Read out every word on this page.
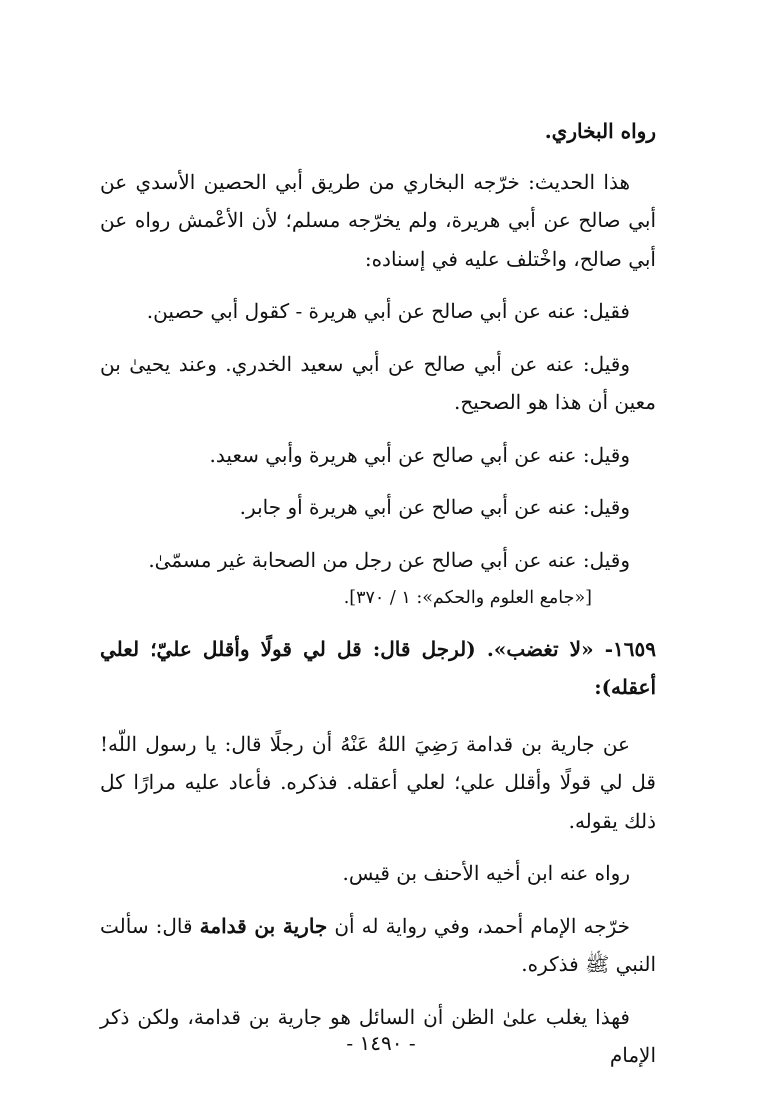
رواه البخاري.

هذا الحديث: خرّجه البخاري من طريق أبي الحصين الأسدي عن أبي صالح عن أبي هريرة، ولم يخرّجه مسلم؛ لأن الأعْمش رواه عن أبي صالح، واخْتلف عليه في إسناده:

فقيل: عنه عن أبي صالح عن أبي هريرة - كقول أبي حصين.

وقيل: عنه عن أبي صالح عن أبي سعيد الخدري. وعند يحيىٰ بن معين أن هذا هو الصحيح.

وقيل: عنه عن أبي صالح عن أبي هريرة وأبي سعيد.

وقيل: عنه عن أبي صالح عن أبي هريرة أو جابر.

وقيل: عنه عن أبي صالح عن رجل من الصحابة غير مسمّىٰ.

[«جامع العلوم والحكم»: ١ / ٣٧٠].

١٦٥٩- «لا تغضب». (لرجل قال: قل لي قولًا وأقلل عليّ؛ لعلي أعقله):

عن جارية بن قدامة رَضِيَ اللهُ عَنْهُ أن رجلًا قال: يا رسول اللّه! قل لي قولًا وأقلل علي؛ لعلي أعقله. فذكره. فأعاد عليه مرارًا كل ذلك يقوله.

رواه عنه ابن أخيه الأحنف بن قيس.

خرّجه الإمام أحمد، وفي رواية له أن جارية بن قدامة قال: سألت النبي ﷺ فذكره.

فهذا يغلب علىٰ الظن أن السائل هو جارية بن قدامة، ولكن ذكر الإمام

- ١٤٩٠ -
